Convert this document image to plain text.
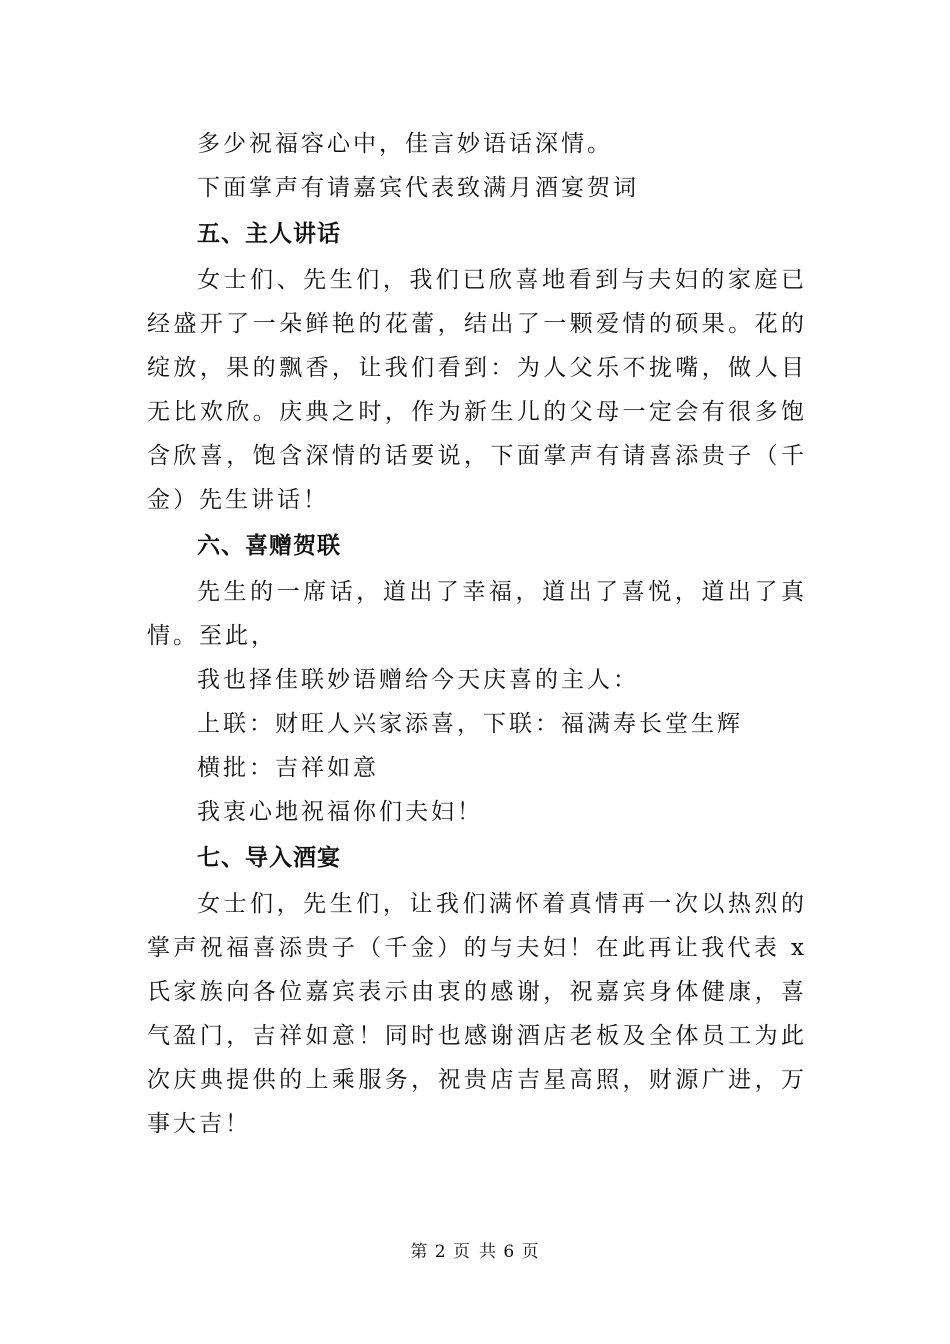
多少祝福容心中，佳言妙语话深情。

下面掌声有请嘉宾代表致满月酒宴贺词

五、主人讲话

女士们、先生们，我们已欣喜地看到与夫妇的家庭已经盛开了一朵鲜艳的花蕾，结出了一颗爱情的硕果。花的绽放，果的飘香，让我们看到：为人父乐不拢嘴，做人目无比欢欣。庆典之时，作为新生儿的父母一定会有很多饱含欣喜，饱含深情的话要说，下面掌声有请喜添贵子（千金）先生讲话！

六、喜赠贺联

先生的一席话，道出了幸福，道出了喜悦，道出了真情。至此，

我也择佳联妙语赠给今天庆喜的主人：

上联：财旺人兴家添喜，下联：福满寿长堂生辉

横批：吉祥如意

我衷心地祝福你们夫妇！

七、导入酒宴

女士们，先生们，让我们满怀着真情再一次以热烈的掌声祝福喜添贵子（千金）的与夫妇！在此再让我代表 x 氏家族向各位嘉宾表示由衷的感谢，祝嘉宾身体健康，喜气盈门，吉祥如意！同时也感谢酒店老板及全体员工为此次庆典提供的上乘服务，祝贵店吉星高照，财源广进，万事大吉！

第 2 页 共 6 页
